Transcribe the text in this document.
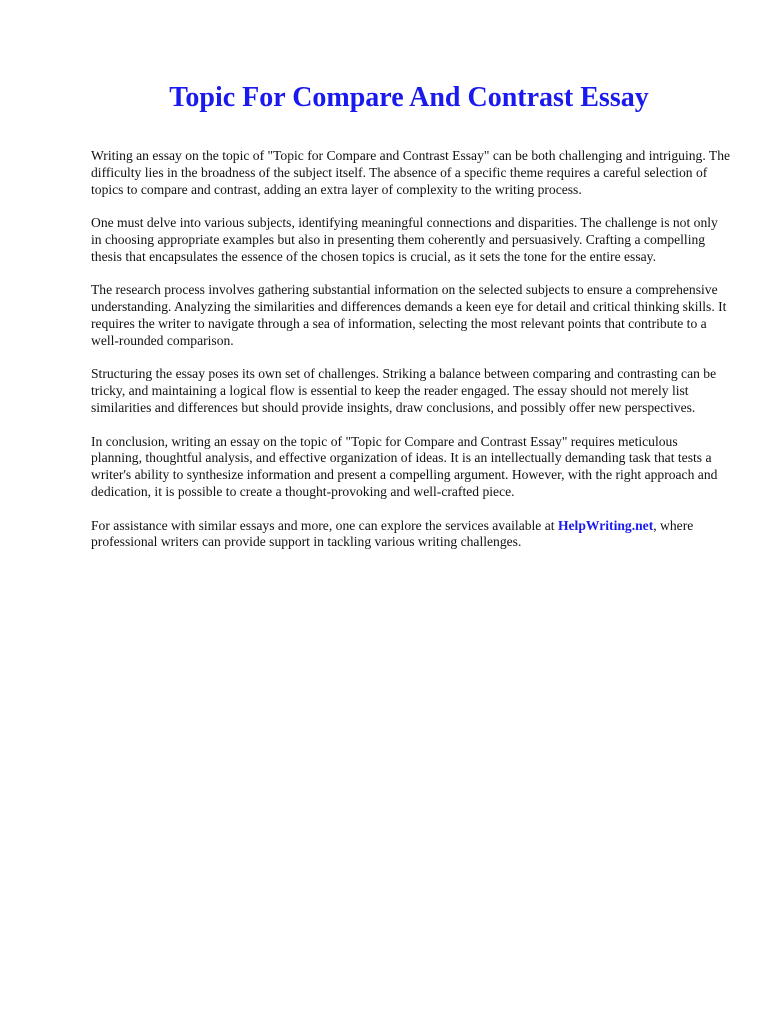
Topic For Compare And Contrast Essay

Writing an essay on the topic of "Topic for Compare and Contrast Essay" can be both challenging and intriguing. The difficulty lies in the broadness of the subject itself. The absence of a specific theme requires a careful selection of topics to compare and contrast, adding an extra layer of complexity to the writing process.

One must delve into various subjects, identifying meaningful connections and disparities. The challenge is not only in choosing appropriate examples but also in presenting them coherently and persuasively. Crafting a compelling thesis that encapsulates the essence of the chosen topics is crucial, as it sets the tone for the entire essay.

The research process involves gathering substantial information on the selected subjects to ensure a comprehensive understanding. Analyzing the similarities and differences demands a keen eye for detail and critical thinking skills. It requires the writer to navigate through a sea of information, selecting the most relevant points that contribute to a well-rounded comparison.

Structuring the essay poses its own set of challenges. Striking a balance between comparing and contrasting can be tricky, and maintaining a logical flow is essential to keep the reader engaged. The essay should not merely list similarities and differences but should provide insights, draw conclusions, and possibly offer new perspectives.

In conclusion, writing an essay on the topic of "Topic for Compare and Contrast Essay" requires meticulous planning, thoughtful analysis, and effective organization of ideas. It is an intellectually demanding task that tests a writer's ability to synthesize information and present a compelling argument. However, with the right approach and dedication, it is possible to create a thought-provoking and well-crafted piece.

For assistance with similar essays and more, one can explore the services available at HelpWriting.net, where professional writers can provide support in tackling various writing challenges.
